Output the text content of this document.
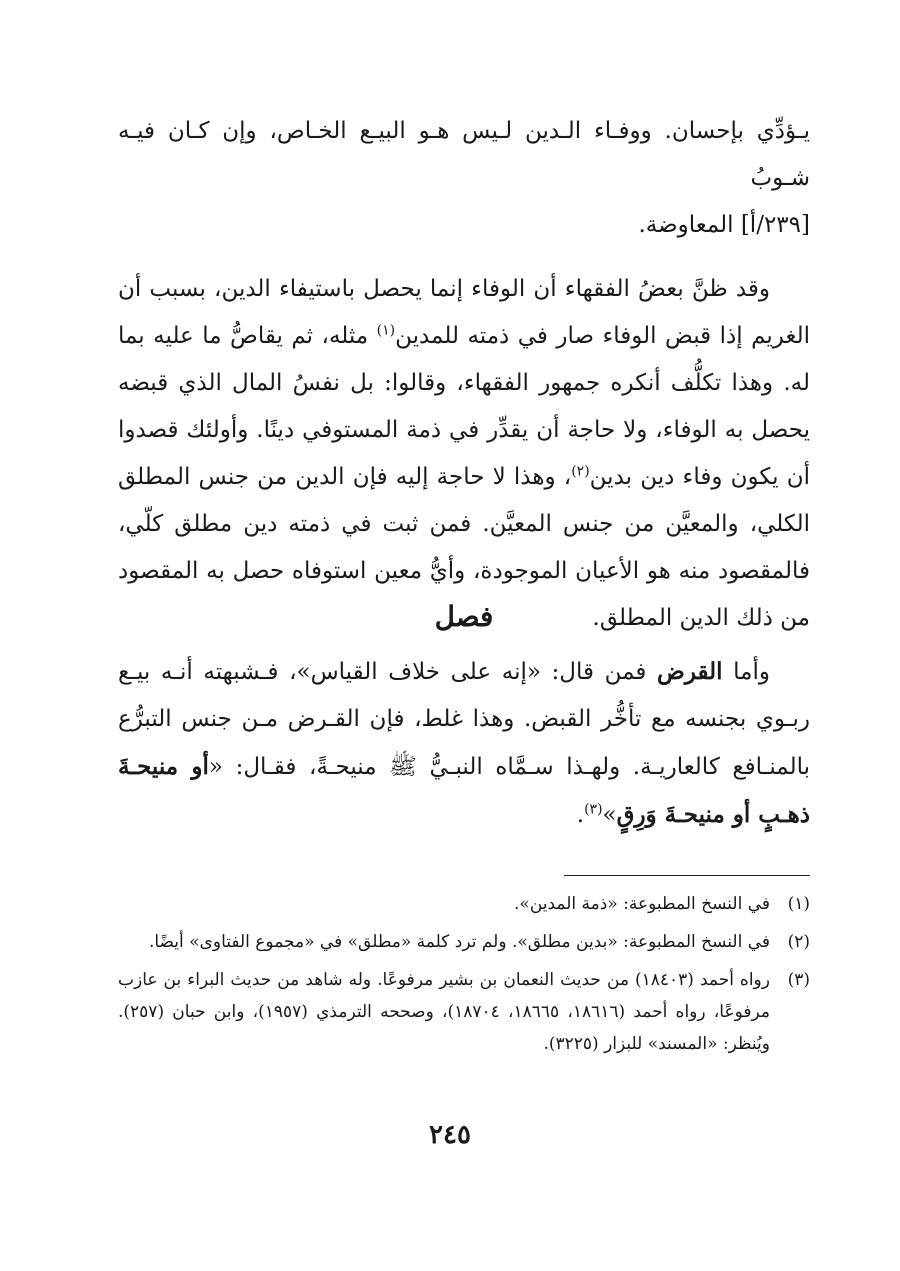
يـؤدِّي بإحسان. ووفـاء الـدين لـيس هـو البيـع الخـاص، وإن كـان فيـه شـوبُ
[٢٣٩/أ] المعاوضة.

وقد ظنَّ بعضُ الفقهاء أن الوفاء إنما يحصل باستيفاء الدين، بسبب أن الغريم إذا قبض الوفاء صار في ذمته للمدين$^{(١)}$ مثله، ثم يقاصُّ ما عليه بما له. وهذا تكلُّف أنكره جمهور الفقهاء، وقالوا: بل نفسُ المال الذي قبضه يحصل به الوفاء، ولا حاجة أن يقدِّر في ذمة المستوفي دينًا. وأولئك قصدوا أن يكون وفاء دين بدين$^{(٢)}$، وهذا لا حاجة إليه فإن الدين من جنس المطلق الكلي، والمعيَّن من جنس المعيَّن. فمن ثبت في ذمته دين مطلق كلّي، فالمقصود منه هو الأعيان الموجودة، وأيُّ معين استوفاه حصل به المقصود من ذلك الدين المطلق.

فصل

وأما القرض فمن قال: «إنه على خلاف القياس»، فـشبهته أنـه بيـع ربـوي بجنسه مع تأخُّر القبض. وهذا غلط، فإن القـرض مـن جنس التبرُّع بالمنـافع كالعاريـة. ولهـذا سـمَّاه النبـيُّ ﷺ منيحـةً، فقـال: «أو منيحـةَ ذهـبٍ أو منيحـةَ وَرِقٍ»$^{(٣)}$.

(١)
في النسخ المطبوعة: «ذمة المدين».
(٢)
في النسخ المطبوعة: «بدين مطلق». ولم ترد كلمة «مطلق» في «مجموع الفتاوى» أيضًا.
(٣)
رواه أحمد (١٨٤٠٣) من حديث النعمان بن بشير مرفوعًا. وله شاهد من حديث البراء بن عازب مرفوعًا، رواه أحمد (١٨٦١٦، ١٨٦٦٥، ١٨٧٠٤)، وصححه الترمذي (١٩٥٧)، وابن حبان (٢٥٧). ويُنظر: «المسند» للبزار (٣٢٢٥).
٢٤٥
